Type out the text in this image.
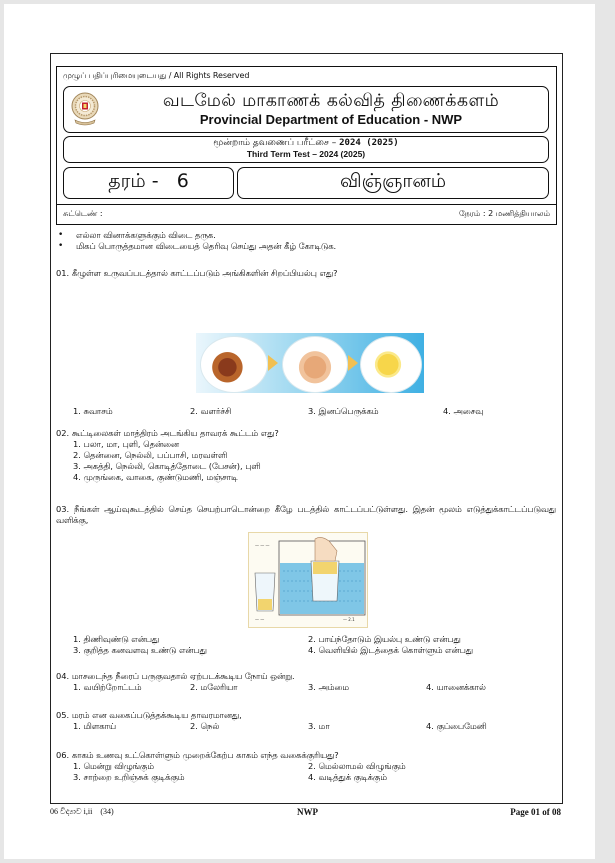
முழுப் பதிப்புரிமையுடையது / All Rights Reserved
வடமேல் மாகாணக் கல்வித் திணைக்களம்
Provincial Department of Education - NWP
மூன்றாம் தவணைப் பரீட்சை – 2024 (2025)
Third Term Test – 2024 (2025)
தரம் -   6	விஞ்ஞானம்
சுட்டெண் :	நேரம் : 2 மணித்தியாலம்
• எல்லா வினாக்களுக்கும் விடை தருக.
• மிகப் பொருத்தமான விடையைத் தெரிவு செய்து அதன் கீழ் கோடிடுக.
01. கீழுள்ள உருவப்படத்தால் காட்டப்படும் அங்கிகளின் சிறப்பியல்பு எது?
1. சுவாசம்	2. வளர்ச்சி	3. இனப்பெருக்கம்	4. அசைவு
02. கூட்டிலைகள் மாத்திரம் அடங்கிய தாவரக் கூட்டம் எது?
1. பலா, மா, புளி, தென்னை
2. தென்னை, நெல்லி, பப்பாசி, மரவள்ளி
3. அகத்தி, நெல்லி, கொடித்தோடை (பேசன்), புளி
4. முருங்கை, வாகை, குண்டுமணி, மஞ்சாடி
03. நீங்கள் ஆய்வுகூடத்தில் செய்த செயற்பாடொன்றை கீழே படத்தில் காட்டப்பட்டுள்ளது. இதன் மூலம் எடுத்துக்காட்டப்படுவது வளிக்கு,
— — —
— —	— 2.1
1. திணிவுண்டு என்பது	2. பாய்ந்தோடும் இயல்பு உண்டு என்பது
3. குறித்த கனவளவு உண்டு என்பது	4. வெளியில் இடத்தைக் கொள்ளும் என்பது
04. மாசடைந்த நீரைப் பருகுவதால் ஏற்படக்கூடிய நோய் ஒன்று.
1. வயிற்றோட்டம்	2. மலேரியா	3. அம்மை	4. யானைக்கால்
05. மரம் என வகைப்படுத்தக்கூடிய தாவரமானது,
1. மிளகாய்	2. நெல்	3. மா	4. குப்பைமேனி
06. காகம் உணவு உட்கொள்ளும் முறைக்கேற்ப காகம் எந்த வகைக்குரியது?
1. மென்று விழுங்கும்	2. மெல்லாமல் விழுங்கும்
3. சாற்றை உறிஞ்சுக் குடிக்கும்	4. வடித்துக் குடிக்கும்
06 විද්‍යාව i,ii    (34)	NWP	Page 01 of 08
